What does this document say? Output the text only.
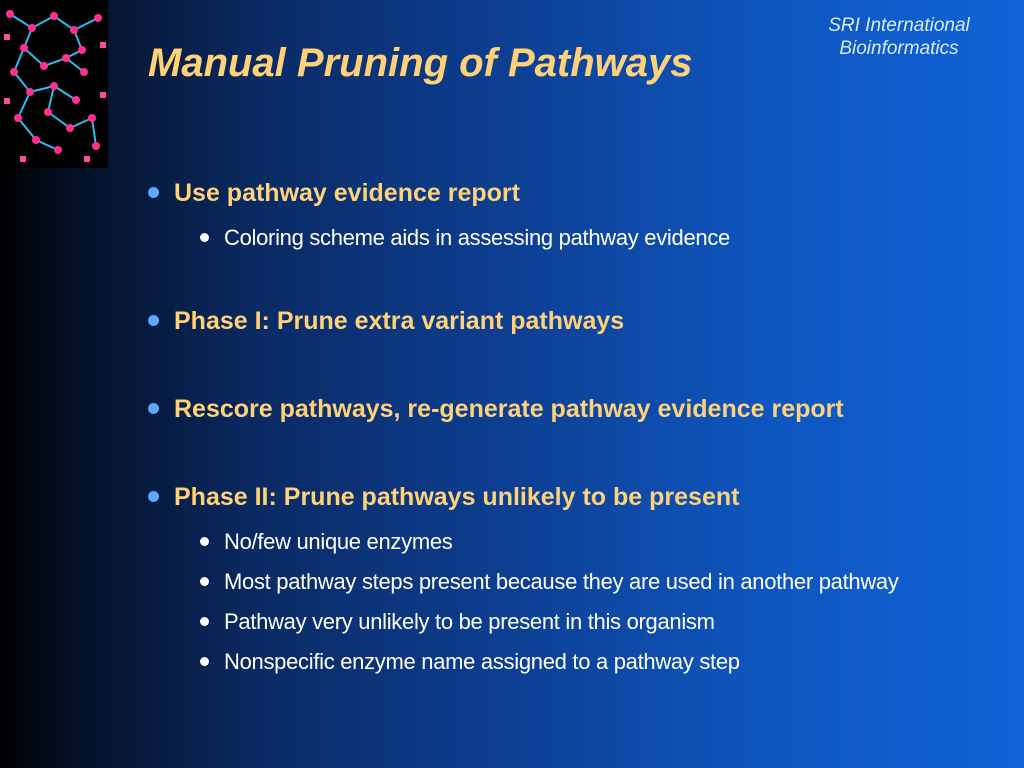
SRI International
Bioinformatics
Manual Pruning of Pathways
Use pathway evidence report
Coloring scheme aids in assessing pathway evidence
Phase I: Prune extra variant pathways
Rescore pathways, re-generate pathway evidence report
Phase II: Prune pathways unlikely to be present
No/few unique enzymes
Most pathway steps present because they are used in another pathway
Pathway very unlikely to be present in this organism
Nonspecific enzyme name assigned to a pathway step
